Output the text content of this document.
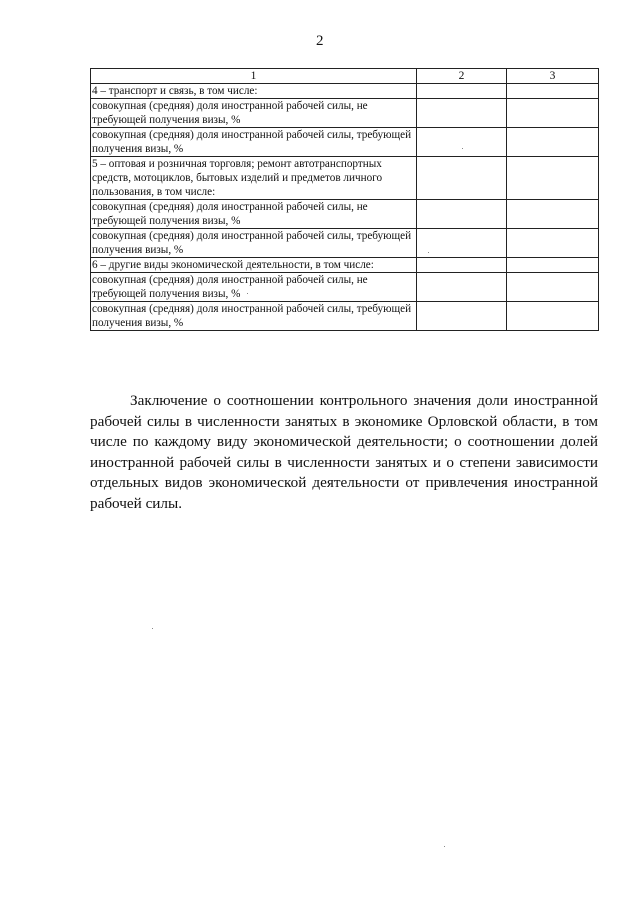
2
1	2	3
4 – транспорт и связь, в том числе:		
совокупная (средняя) доля иностранной рабочей силы, не требующей получения визы, %		
совокупная (средняя) доля иностранной рабочей силы, требующей получения визы, %		
5 – оптовая и розничная торговля; ремонт автотранспортных средств, мотоциклов, бытовых изделий и предметов личного пользования, в том числе:		
совокупная (средняя) доля иностранной рабочей силы, не требующей получения визы, %		
совокупная (средняя) доля иностранной рабочей силы, требующей получения визы, %		
6 – другие виды экономической деятельности, в том числе:		
совокупная (средняя) доля иностранной рабочей силы, не требующей получения визы, %		
совокупная (средняя) доля иностранной рабочей силы, требующей получения визы, %		

Заключение о соотношении контрольного значения доли иностранной рабочей силы в численности занятых в экономике Орловской области, в том числе по каждому виду экономической деятельности; о соотношении долей иностранной рабочей силы в численности занятых и о степени зависимости отдельных видов экономической деятельности от привлечения иностранной рабочей силы.
